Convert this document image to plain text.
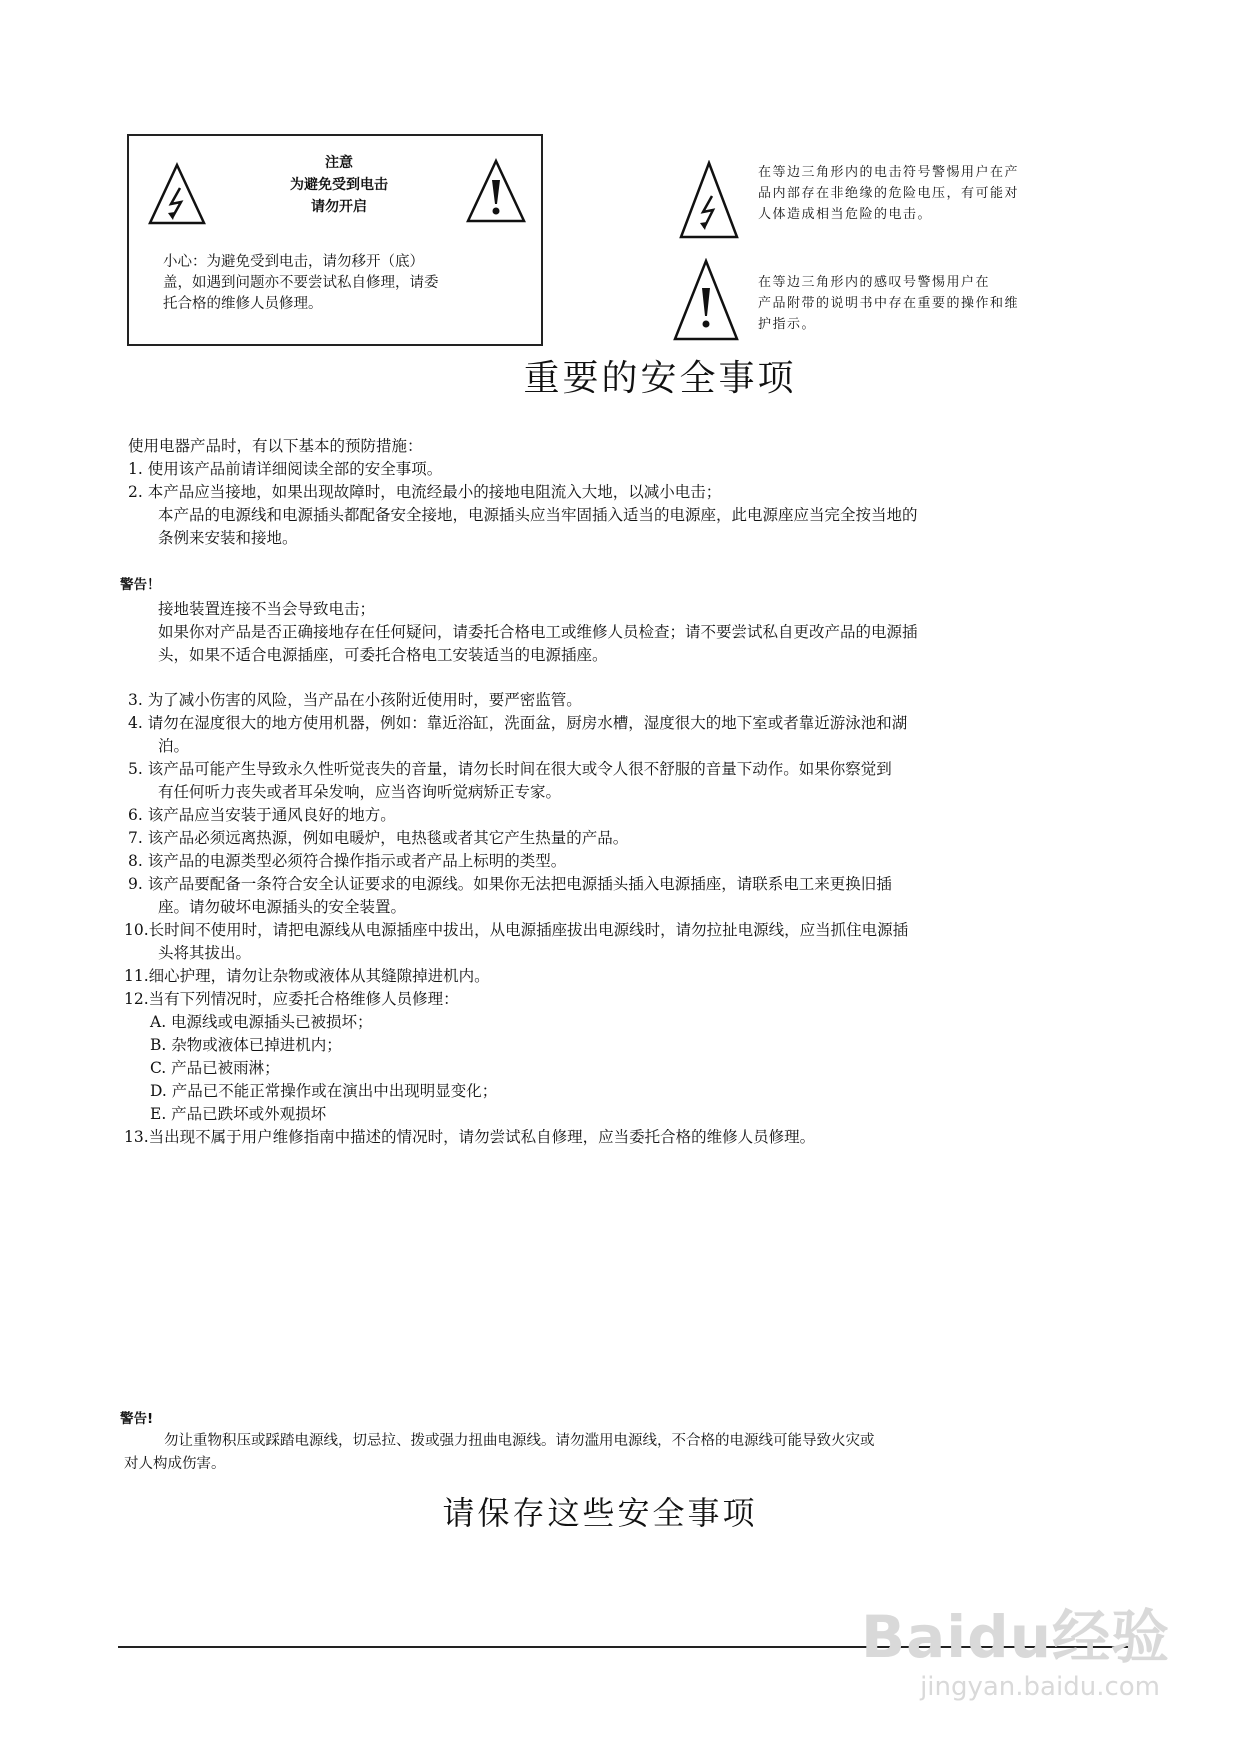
注意
为避免受到电击
请勿开启
小心：为避免受到电击，请勿移开（底）
盖，如遇到问题亦不要尝试私自修理，请委
托合格的维修人员修理。
在等边三角形内的电击符号警惕用户在产
品内部存在非绝缘的危险电压，有可能对
人体造成相当危险的电击。
在等边三角形内的感叹号警惕用户在
产品附带的说明书中存在重要的操作和维
护指示。
重要的安全事项
使用电器产品时，有以下基本的预防措施：
1. 使用该产品前请详细阅读全部的安全事项。
2. 本产品应当接地，如果出现故障时，电流经最小的接地电阻流入大地，以减小电击；
本产品的电源线和电源插头都配备安全接地，电源插头应当牢固插入适当的电源座，此电源座应当完全按当地的
条例来安装和接地。
警告！
接地装置连接不当会导致电击；
如果你对产品是否正确接地存在任何疑问，请委托合格电工或维修人员检查；请不要尝试私自更改产品的电源插
头，如果不适合电源插座，可委托合格电工安装适当的电源插座。
3. 为了减小伤害的风险，当产品在小孩附近使用时，要严密监管。
4. 请勿在湿度很大的地方使用机器，例如：靠近浴缸，洗面盆，厨房水槽，湿度很大的地下室或者靠近游泳池和湖
泊。
5. 该产品可能产生导致永久性听觉丧失的音量，请勿长时间在很大或令人很不舒服的音量下动作。如果你察觉到
有任何听力丧失或者耳朵发响，应当咨询听觉病矫正专家。
6. 该产品应当安装于通风良好的地方。
7. 该产品必须远离热源，例如电暖炉，电热毯或者其它产生热量的产品。
8. 该产品的电源类型必须符合操作指示或者产品上标明的类型。
9. 该产品要配备一条符合安全认证要求的电源线。如果你无法把电源插头插入电源插座，请联系电工来更换旧插
座。请勿破坏电源插头的安全装置。
10.长时间不使用时，请把电源线从电源插座中拔出，从电源插座拔出电源线时，请勿拉扯电源线，应当抓住电源插
头将其拔出。
11.细心护理，请勿让杂物或液体从其缝隙掉进机内。
12.当有下列情况时，应委托合格维修人员修理：
A. 电源线或电源插头已被损坏；
B. 杂物或液体已掉进机内；
C. 产品已被雨淋；
D. 产品已不能正常操作或在演出中出现明显变化；
E. 产品已跌坏或外观损坏
13.当出现不属于用户维修指南中描述的情况时，请勿尝试私自修理，应当委托合格的维修人员修理。
警告!
勿让重物积压或踩踏电源线，切忌拉、拨或强力扭曲电源线。请勿滥用电源线，不合格的电源线可能导致火灾或
对人构成伤害。
请保存这些安全事项
Baidu经验
jingyan.baidu.com
